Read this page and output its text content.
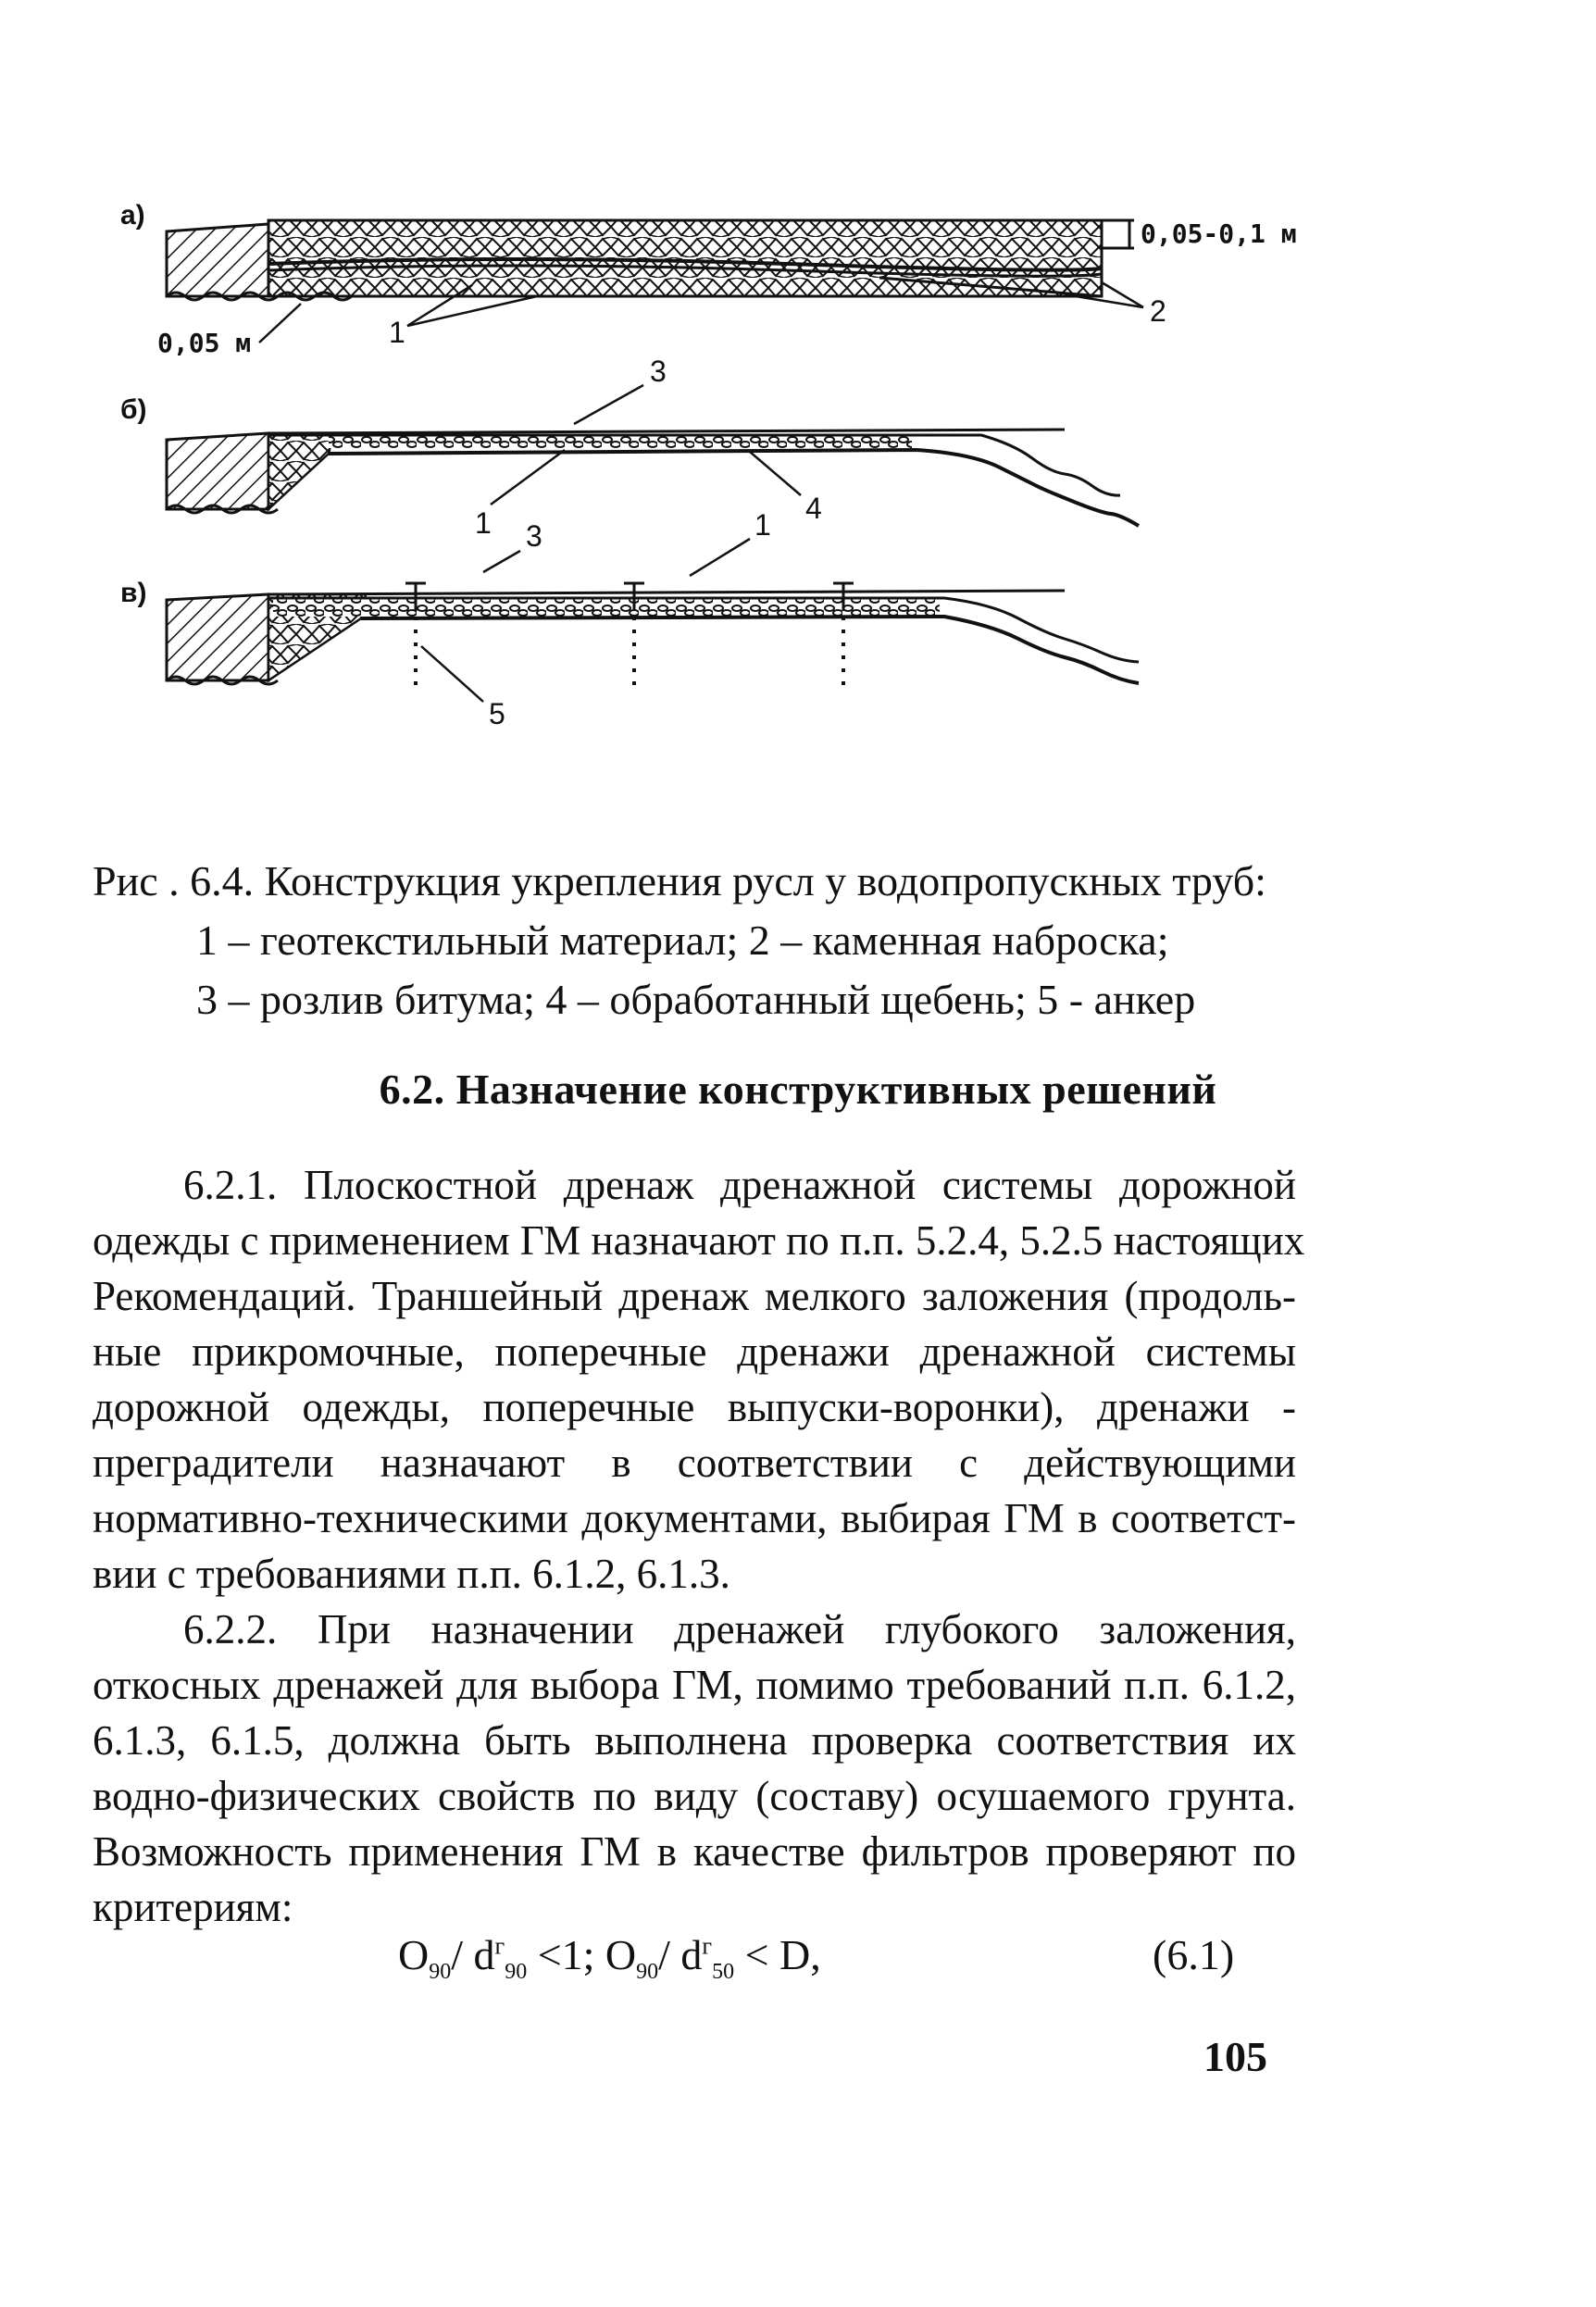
а)
0,05-0,1 м
0,05 м	1
2
3
б)
1	4
3	1
в)
5
Рис . 6.4. Конструкция укрепления русл у водопропускных труб:
1 – геотекстильный материал; 2 – каменная наброска;
3 – розлив битума; 4 – обработанный щебень; 5 - анкер
6.2. Назначение конструктивных решений

6.2.1. Плоскостной дренаж дренажной системы дорожной
одежды с применением ГМ назначают по п.п. 5.2.4, 5.2.5 настоящих
Рекомендаций. Траншейный дренаж мелкого заложения (продоль-
ные прикромочные, поперечные дренажи дренажной системы
дорожной одежды, поперечные выпуски-воронки), дренажи -
преградители назначают в соответствии с действующими
нормативно-техническими документами, выбирая ГМ в соответст-
вии с требованиями п.п. 6.1.2, 6.1.3.

6.2.2. При назначении дренажей глубокого заложения,
откосных дренажей для выбора ГМ, помимо требований п.п. 6.1.2,
6.1.3, 6.1.5, должна быть выполнена проверка соответствия их
водно-физических свойств по виду (составу) осушаемого грунта.
Возможность применения ГМ в качестве фильтров проверяют по
критериям:

$O_{90}/$ $d^г_{90} <1$; $O_{90}/$ $d^г_{50} < D$,	(6.1)
105
